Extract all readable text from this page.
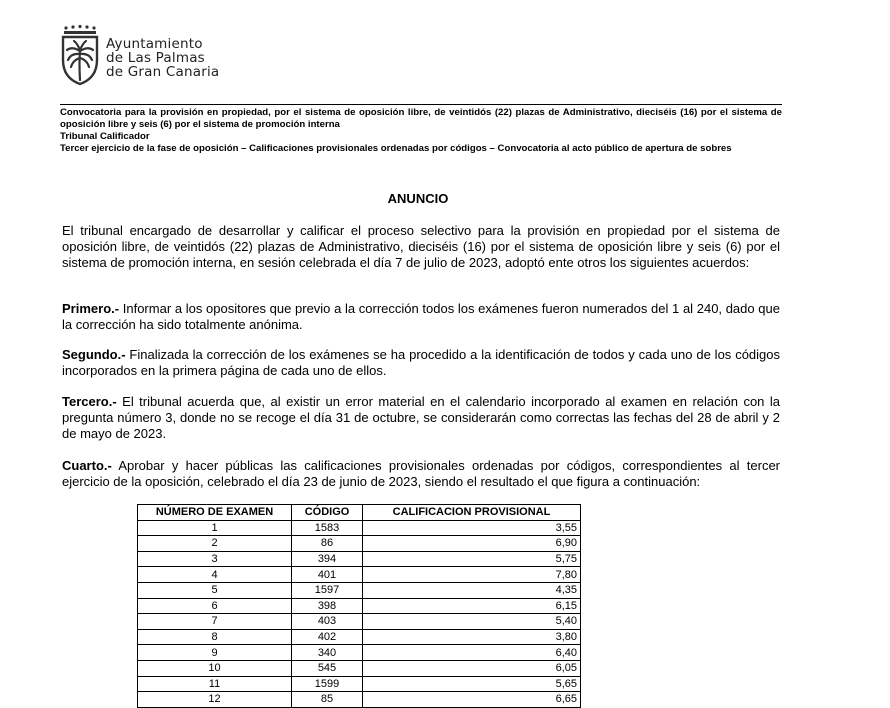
Ayuntamiento
de Las Palmas
de Gran Canaria
Convocatoria para la provisión en propiedad, por el sistema de oposición libre, de veintidós (22) plazas de Administrativo, dieciséis (16) por el sistema de oposición libre y seis (6) por el sistema de promoción interna
Tribunal Calificador
Tercer ejercicio de la fase de oposición – Calificaciones provisionales ordenadas por códigos – Convocatoria al acto público de apertura de sobres
ANUNCIO
El tribunal encargado de desarrollar y calificar el proceso selectivo para la provisión en propiedad por el sistema de oposición libre, de veintidós (22) plazas de Administrativo, dieciséis (16) por el sistema de oposición libre y seis (6) por el sistema de promoción interna, en sesión celebrada el día 7 de julio de 2023, adoptó ente otros los siguientes acuerdos:
Primero.- Informar a los opositores que previo a la corrección todos los exámenes fueron numerados del 1 al 240, dado que la corrección ha sido totalmente anónima.
Segundo.- Finalizada la corrección de los exámenes se ha procedido a la identificación de todos y cada uno de los códigos incorporados en la primera página de cada uno de ellos.
Tercero.- El tribunal acuerda que, al existir un error material en el calendario incorporado al examen en relación con la pregunta número 3, donde no se recoge el día 31 de octubre, se considerarán como correctas las fechas del 28 de abril y 2 de mayo de 2023.
Cuarto.- Aprobar y hacer públicas las calificaciones provisionales ordenadas por códigos, correspondientes al tercer ejercicio de la oposición, celebrado el día 23 de junio de 2023, siendo el resultado el que figura a continuación:
NÚMERO DE EXAMEN	CÓDIGO	CALIFICACION PROVISIONAL
1	1583	3,55
2	86	6,90
3	394	5,75
4	401	7,80
5	1597	4,35
6	398	6,15
7	403	5,40
8	402	3,80
9	340	6,40
10	545	6,05
11	1599	5,65
12	85	6,65
